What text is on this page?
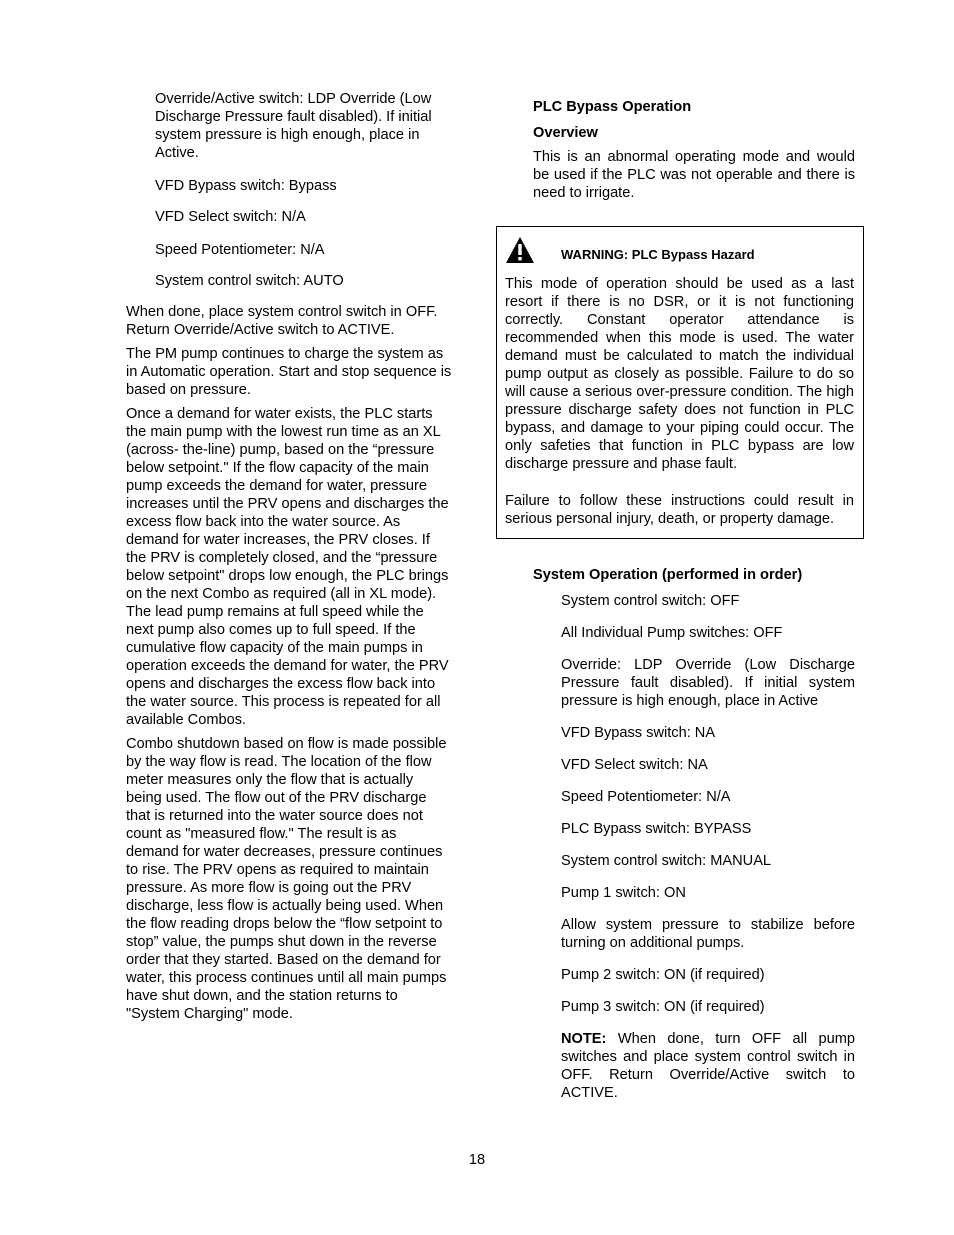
Override/Active switch: LDP Override (Low Discharge Pressure fault disabled). If initial system pressure is high enough, place in Active.
VFD Bypass switch: Bypass
VFD Select switch: N/A
Speed Potentiometer: N/A
System control switch: AUTO
When done, place system control switch in OFF. Return Override/Active switch to ACTIVE.
The PM pump continues to charge the system as in Automatic operation. Start and stop sequence is based on pressure.
Once a demand for water exists, the PLC starts the main pump with the lowest run time as an XL (across- the-line) pump, based on the “pressure below setpoint." If the flow capacity of the main pump exceeds the demand for water, pressure increases until the PRV opens and discharges the excess flow back into the water source. As demand for water increases, the PRV closes. If the PRV is completely closed, and the “pressure below setpoint" drops low enough, the PLC brings on the next Combo as required (all in XL mode). The lead pump remains at full speed while the next pump also comes up to full speed. If the cumulative flow capacity of the main pumps in operation exceeds the demand for water, the PRV opens and discharges the excess flow back into the water source. This process is repeated for all available Combos.
Combo shutdown based on flow is made possible by the way flow is read. The location of the flow meter measures only the flow that is actually being used. The flow out of the PRV discharge that is returned into the water source does not count as "measured flow." The result is as demand for water decreases, pressure continues to rise. The PRV opens as required to maintain pressure. As more flow is going out the PRV discharge, less flow is actually being used. When the flow reading drops below the “flow setpoint to stop” value, the pumps shut down in the reverse order that they started. Based on the demand for water, this process continues until all main pumps have shut down, and the station returns to "System Charging" mode.
PLC Bypass Operation
Overview
This is an abnormal operating mode and would be used if the PLC was not operable and there is need to irrigate.
WARNING: PLC Bypass Hazard
This mode of operation should be used as a last resort if there is no DSR, or it is not functioning correctly. Constant operator attendance is recommended when this mode is used. The water demand must be calculated to match the individual pump output as closely as possible. Failure to do so will cause a serious over-pressure condition. The high pressure discharge safety does not function in PLC bypass, and damage to your piping could occur. The only safeties that function in PLC bypass are low discharge pressure and phase fault.
Failure to follow these instructions could result in serious personal injury, death, or property damage.
System Operation (performed in order)
System control switch: OFF
All Individual Pump switches: OFF
Override: LDP Override (Low Discharge Pressure fault disabled). If initial system pressure is high enough, place in Active
VFD Bypass switch: NA
VFD Select switch: NA
Speed Potentiometer: N/A
PLC Bypass switch: BYPASS
System control switch: MANUAL
Pump 1 switch: ON
Allow system pressure to stabilize before turning on additional pumps.
Pump 2 switch: ON (if required)
Pump 3 switch: ON (if required)
NOTE: When done, turn OFF all pump switches and place system control switch in OFF. Return Override/Active switch to ACTIVE.
18
